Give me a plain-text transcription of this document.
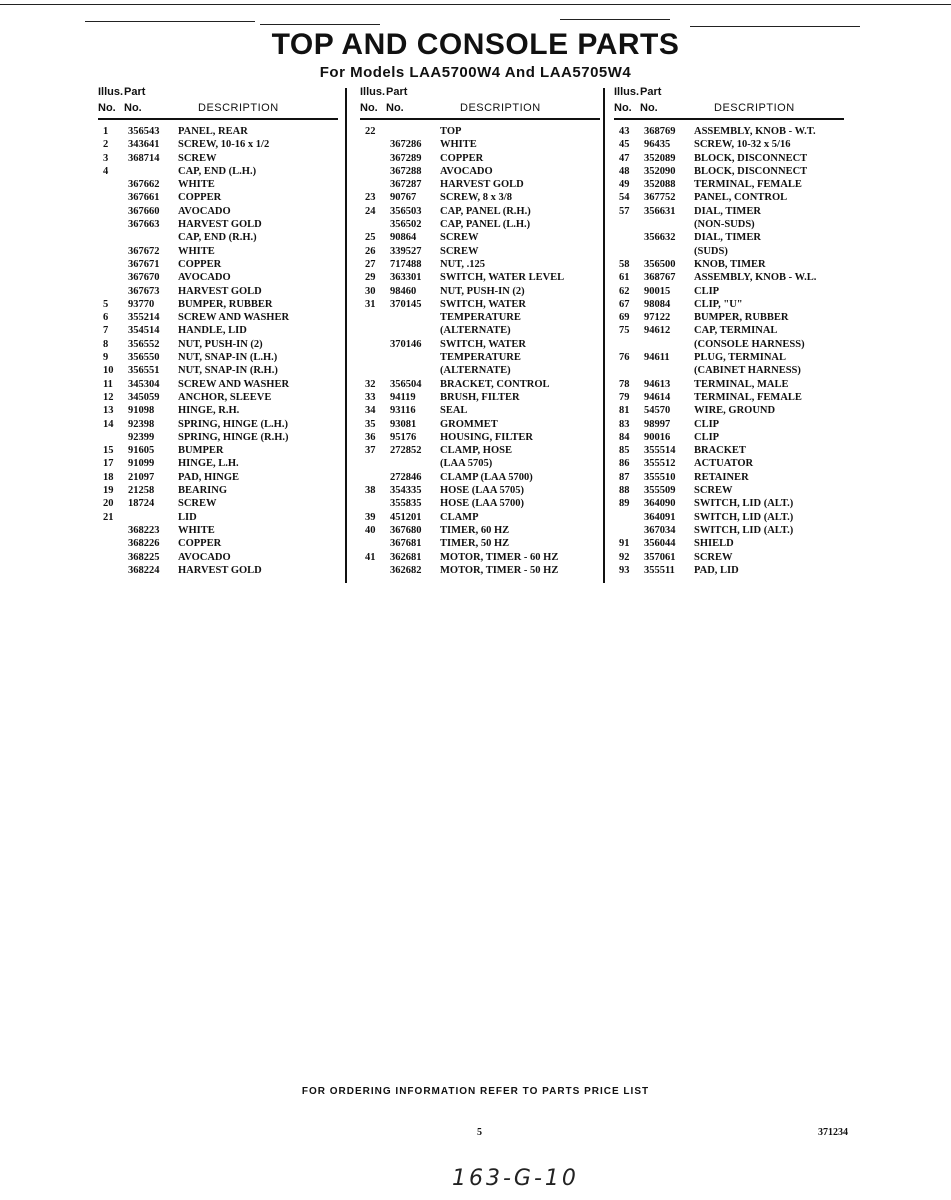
TOP AND CONSOLE PARTS
For Models LAA5700W4 And LAA5705W4
Illus. Part
No. No.	DESCRIPTION
1 356543 PANEL, REAR
2 343641 SCREW, 10-16 x 1/2
3 368714 SCREW
4	CAP, END (L.H.)
367662 WHITE
367661 COPPER
367660 AVOCADO
367663 HARVEST GOLD
CAP, END (R.H.)
367672 WHITE
367671 COPPER
367670 AVOCADO
367673 HARVEST GOLD
5 93770 BUMPER, RUBBER
6 355214 SCREW AND WASHER
7 354514 HANDLE, LID
8 356552 NUT, PUSH-IN (2)
9 356550 NUT, SNAP-IN (L.H.)
10 356551 NUT, SNAP-IN (R.H.)
11 345304 SCREW AND WASHER
12 345059 ANCHOR, SLEEVE
13 91098 HINGE, R.H.
14 92398 SPRING, HINGE (L.H.)
92399 SPRING, HINGE (R.H.)
15 91605 BUMPER
17 91099 HINGE, L.H.
18 21097 PAD, HINGE
19 21258 BEARING
20 18724 SCREW
21	LID
368223 WHITE
368226 COPPER
368225 AVOCADO
368224 HARVEST GOLD
Illus. Part
No. No.	DESCRIPTION
22	TOP
367286 WHITE
367289 COPPER
367288 AVOCADO
367287 HARVEST GOLD
23 90767 SCREW, 8 x 3/8
24 356503 CAP, PANEL (R.H.)
356502 CAP, PANEL (L.H.)
25 90864 SCREW
26 339527 SCREW
27 717488 NUT, .125
29 363301 SWITCH, WATER LEVEL
30 98460 NUT, PUSH-IN (2)
31 370145 SWITCH, WATER
TEMPERATURE
(ALTERNATE)
370146 SWITCH, WATER
TEMPERATURE
(ALTERNATE)
32 356504 BRACKET, CONTROL
33 94119 BRUSH, FILTER
34 93116 SEAL
35 93081 GROMMET
36 95176 HOUSING, FILTER
37 272852 CLAMP, HOSE
(LAA 5705)
272846 CLAMP (LAA 5700)
38 354335 HOSE (LAA 5705)
355835 HOSE (LAA 5700)
39 451201 CLAMP
40 367680 TIMER, 60 HZ
367681 TIMER, 50 HZ
41 362681 MOTOR, TIMER - 60 HZ
362682 MOTOR, TIMER - 50 HZ
Illus. Part
No. No.	DESCRIPTION
43 368769 ASSEMBLY, KNOB - W.T.
45 96435 SCREW, 10-32 x 5/16
47 352089 BLOCK, DISCONNECT
48 352090 BLOCK, DISCONNECT
49 352088 TERMINAL, FEMALE
54 367752 PANEL, CONTROL
57 356631 DIAL, TIMER
(NON-SUDS)
356632 DIAL, TIMER
(SUDS)
58 356500 KNOB, TIMER
61 368767 ASSEMBLY, KNOB - W.L.
62 90015 CLIP
67 98084 CLIP, "U"
69 97122 BUMPER, RUBBER
75 94612 CAP, TERMINAL
(CONSOLE HARNESS)
76 94611 PLUG, TERMINAL
(CABINET HARNESS)
78 94613 TERMINAL, MALE
79 94614 TERMINAL, FEMALE
81 54570 WIRE, GROUND
83 98997 CLIP
84 90016 CLIP
85 355514 BRACKET
86 355512 ACTUATOR
87 355510 RETAINER
88 355509 SCREW
89 364090 SWITCH, LID (ALT.)
364091 SWITCH, LID (ALT.)
367034 SWITCH, LID (ALT.)
91 356044 SHIELD
92 357061 SCREW
93 355511 PAD, LID
FOR ORDERING INFORMATION REFER TO PARTS PRICE LIST
5	371234
163-G-10
